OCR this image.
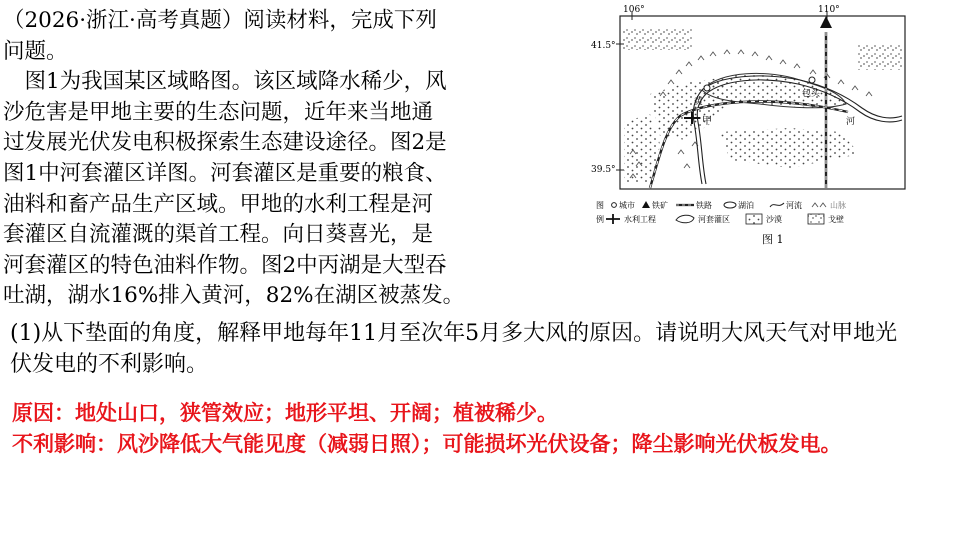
（2026·浙江·高考真题）阅读材料，完成下列

问题。

　图1为我国某区域略图。该区域降水稀少，风

沙危害是甲地主要的生态问题，近年来当地通

过发展光伏发电积极探索生态建设途径。图2是

图1中河套灌区详图。河套灌区是重要的粮食、

油料和畜产品生产区域。甲地的水利工程是河

套灌区自流灌溉的渠首工程。向日葵喜光，是

河套灌区的特色油料作物。图2中丙湖是大型吞

吐湖，湖水16%排入黄河，82%在湖区被蒸发。

(1)从下垫面的角度，解释甲地每年11月至次年5月多大风的原因。请说明大风天气对甲地光伏发电的不利影响。

原因：地处山口，狭管效应；地形平坦、开阔；植被稀少。

不利影响：风沙降低大气能见度（减弱日照）；可能损坏光伏设备；降尘影响光伏板发电。

106°	110°
41.5°
39.5°
甲
黄
包头
河
图
例
城市 铁矿	铁路	湖泊	河流	山脉
水利工程	河套灌区	沙漠	戈壁
图 1
